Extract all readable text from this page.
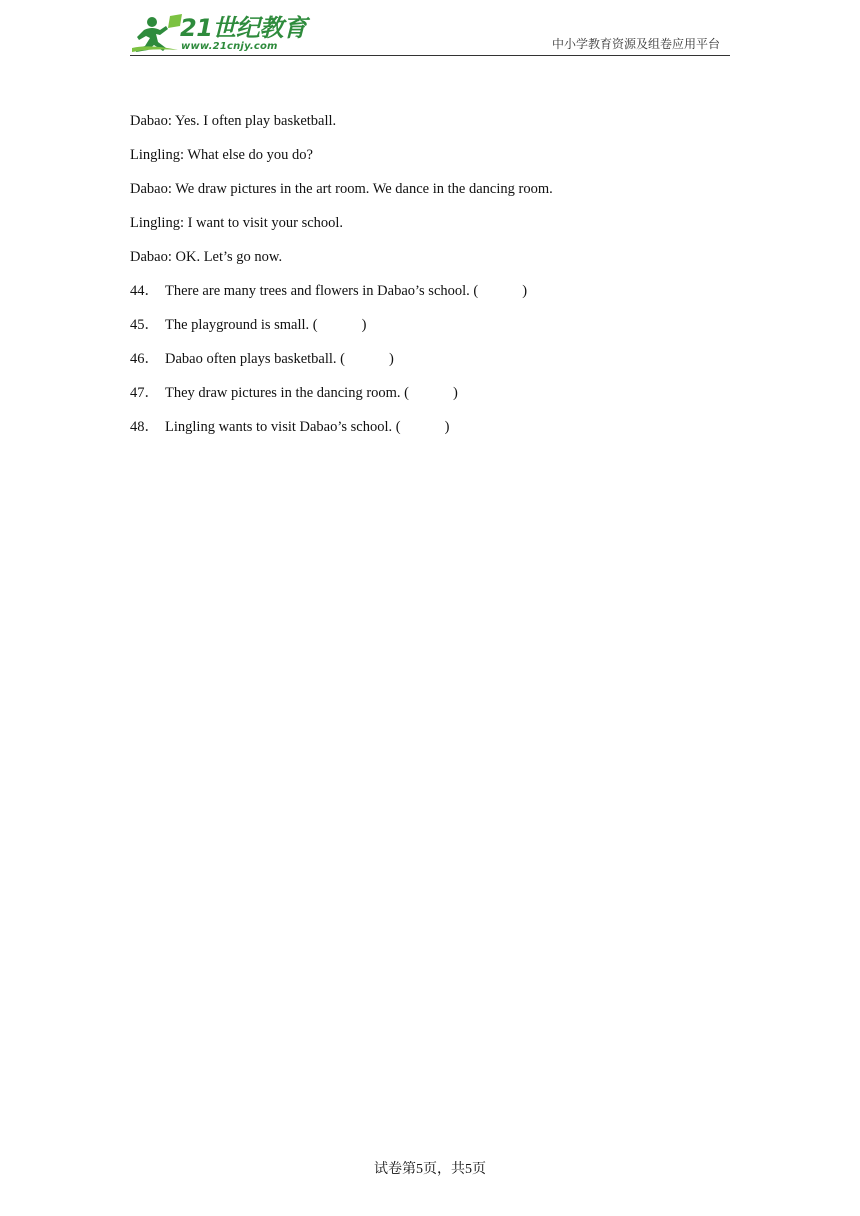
21世纪教育
www.21cnjy.com	中小学教育资源及组卷应用平台
Dabao: Yes. I often play basketball.
Lingling: What else do you do?
Dabao: We draw pictures in the art room. We dance in the dancing room.
Lingling: I want to visit your school.
Dabao: OK. Let’s go now.
44． There are many trees and flowers in Dabao’s school. (	)
45． The playground is small. (	)
46． Dabao often plays basketball. (	)
47． They draw pictures in the dancing room. (	)
48． Lingling wants to visit Dabao’s school. (	)
试卷第5页，共5页
